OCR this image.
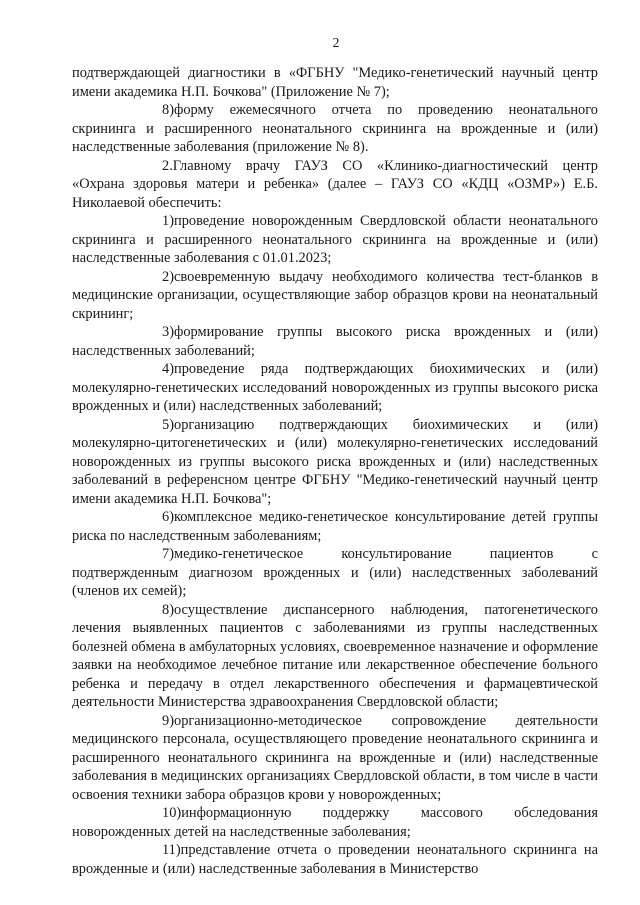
2

подтверждающей диагностики в «ФГБНУ "Медико-генетический научный центр имени академика Н.П. Бочкова" (Приложение № 7);

8)форму ежемесячного отчета по проведению неонатального скрининга и расширенного неонатального скрининга на врожденные и (или) наследственные заболевания (приложение № 8).

2.Главному врачу ГАУЗ СО «Клинико-диагностический центр «Охрана здоровья матери и ребенка» (далее – ГАУЗ СО «КДЦ «ОЗМР») Е.Б. Николаевой обеспечить:

1)проведение новорожденным Свердловской области неонатального скрининга и расширенного неонатального скрининга на врожденные и (или) наследственные заболевания с 01.01.2023;

2)своевременную выдачу необходимого количества тест-бланков в медицинские организации, осуществляющие забор образцов крови на неонатальный скрининг;

3)формирование группы высокого риска врожденных и (или) наследственных заболеваний;

4)проведение ряда подтверждающих биохимических и (или) молекулярно-генетических исследований новорожденных из группы высокого риска врожденных и (или) наследственных заболеваний;

5)организацию подтверждающих биохимических и (или) молекулярно-цитогенетических и (или) молекулярно-генетических исследований новорожденных из группы высокого риска врожденных и (или) наследственных заболеваний в референсном центре ФГБНУ "Медико-генетический научный центр имени академика Н.П. Бочкова";

6)комплексное медико-генетическое консультирование детей группы риска по наследственным заболеваниям;

7)медико-генетическое консультирование пациентов с подтвержденным диагнозом врожденных и (или) наследственных заболеваний (членов их семей);

8)осуществление диспансерного наблюдения, патогенетического лечения выявленных пациентов с заболеваниями из группы наследственных болезней обмена в амбулаторных условиях, своевременное назначение и оформление заявки на необходимое лечебное питание или лекарственное обеспечение больного ребенка и передачу в отдел лекарственного обеспечения и фармацевтической деятельности Министерства здравоохранения Свердловской области;

9)организационно-методическое сопровождение деятельности медицинского персонала, осуществляющего проведение неонатального скрининга и расширенного неонатального скрининга на врожденные и (или) наследственные заболевания в медицинских организациях Свердловской области, в том числе в части освоения техники забора образцов крови у новорожденных;

10)информационную поддержку массового обследования новорожденных детей на наследственные заболевания;

11)представление отчета о проведении неонатального скрининга на врожденные и (или) наследственные заболевания в Министерство
